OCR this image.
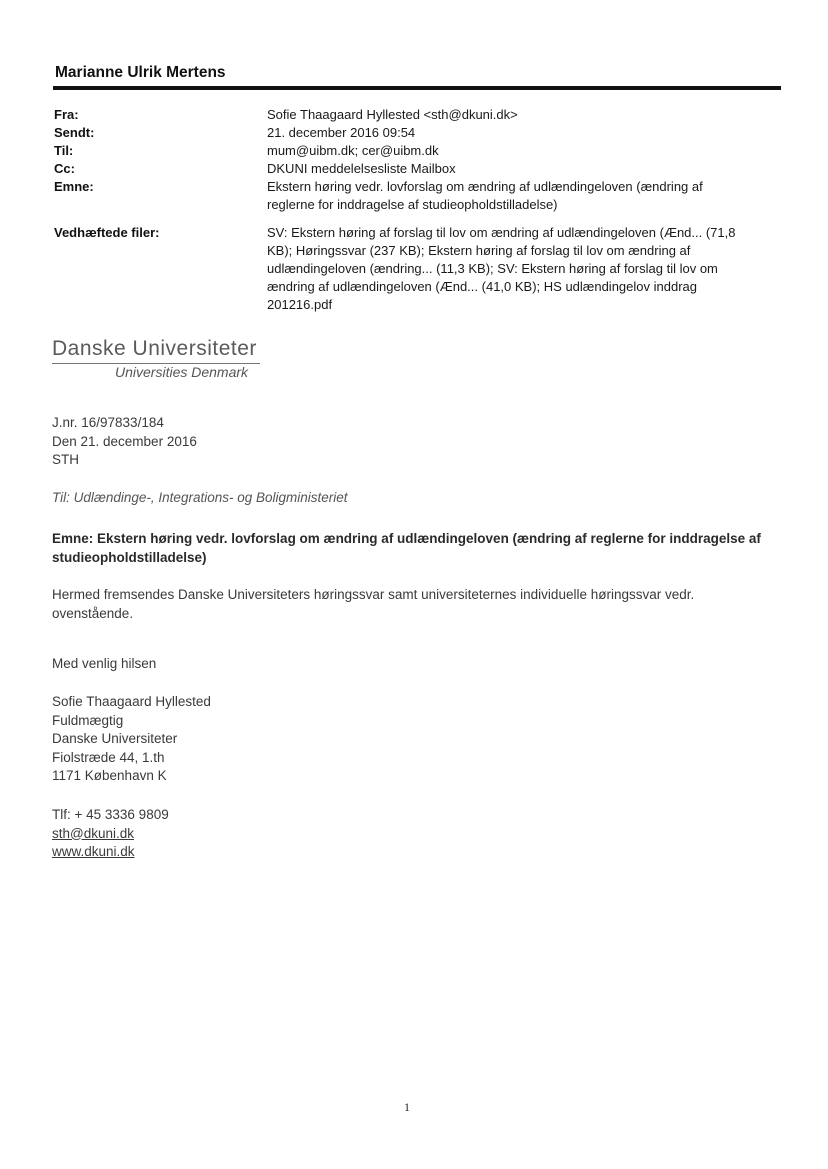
Marianne Ulrik Mertens
Fra:	Sofie Thaagaard Hyllested <sth@dkuni.dk>
Sendt:	21. december 2016 09:54
Til:	mum@uibm.dk; cer@uibm.dk
Cc:	DKUNI meddelelsesliste Mailbox
Emne:	Ekstern høring vedr. lovforslag om ændring af udlændingeloven (ændring af
reglerne for inddragelse af studieopholdstilladelse)
Vedhæftede filer:	SV: Ekstern høring af forslag til lov om ændring af udlændingeloven (Ænd... (71,8
KB); Høringssvar (237 KB); Ekstern høring af forslag til lov om ændring af
udlændingeloven (ændring... (11,3 KB); SV: Ekstern høring af forslag til lov om
ændring af udlændingeloven (Ænd... (41,0 KB); HS udlændingelov inddrag
201216.pdf
Danske Universiteter
Universities Denmark
J.nr. 16/97833/184
Den 21. december 2016
STH
Til: Udlændinge-, Integrations- og Boligministeriet
Emne: Ekstern høring vedr. lovforslag om ændring af udlændingeloven (ændring af reglerne for inddragelse af
studieopholdstilladelse)
Hermed fremsendes Danske Universiteters høringssvar samt universiteternes individuelle høringssvar vedr.
ovenstående.
Med venlig hilsen
Sofie Thaagaard Hyllested
Fuldmægtig
Danske Universiteter
Fiolstræde 44, 1.th
1171 København K
Tlf: + 45 3336 9809
sth@dkuni.dk
www.dkuni.dk
1
